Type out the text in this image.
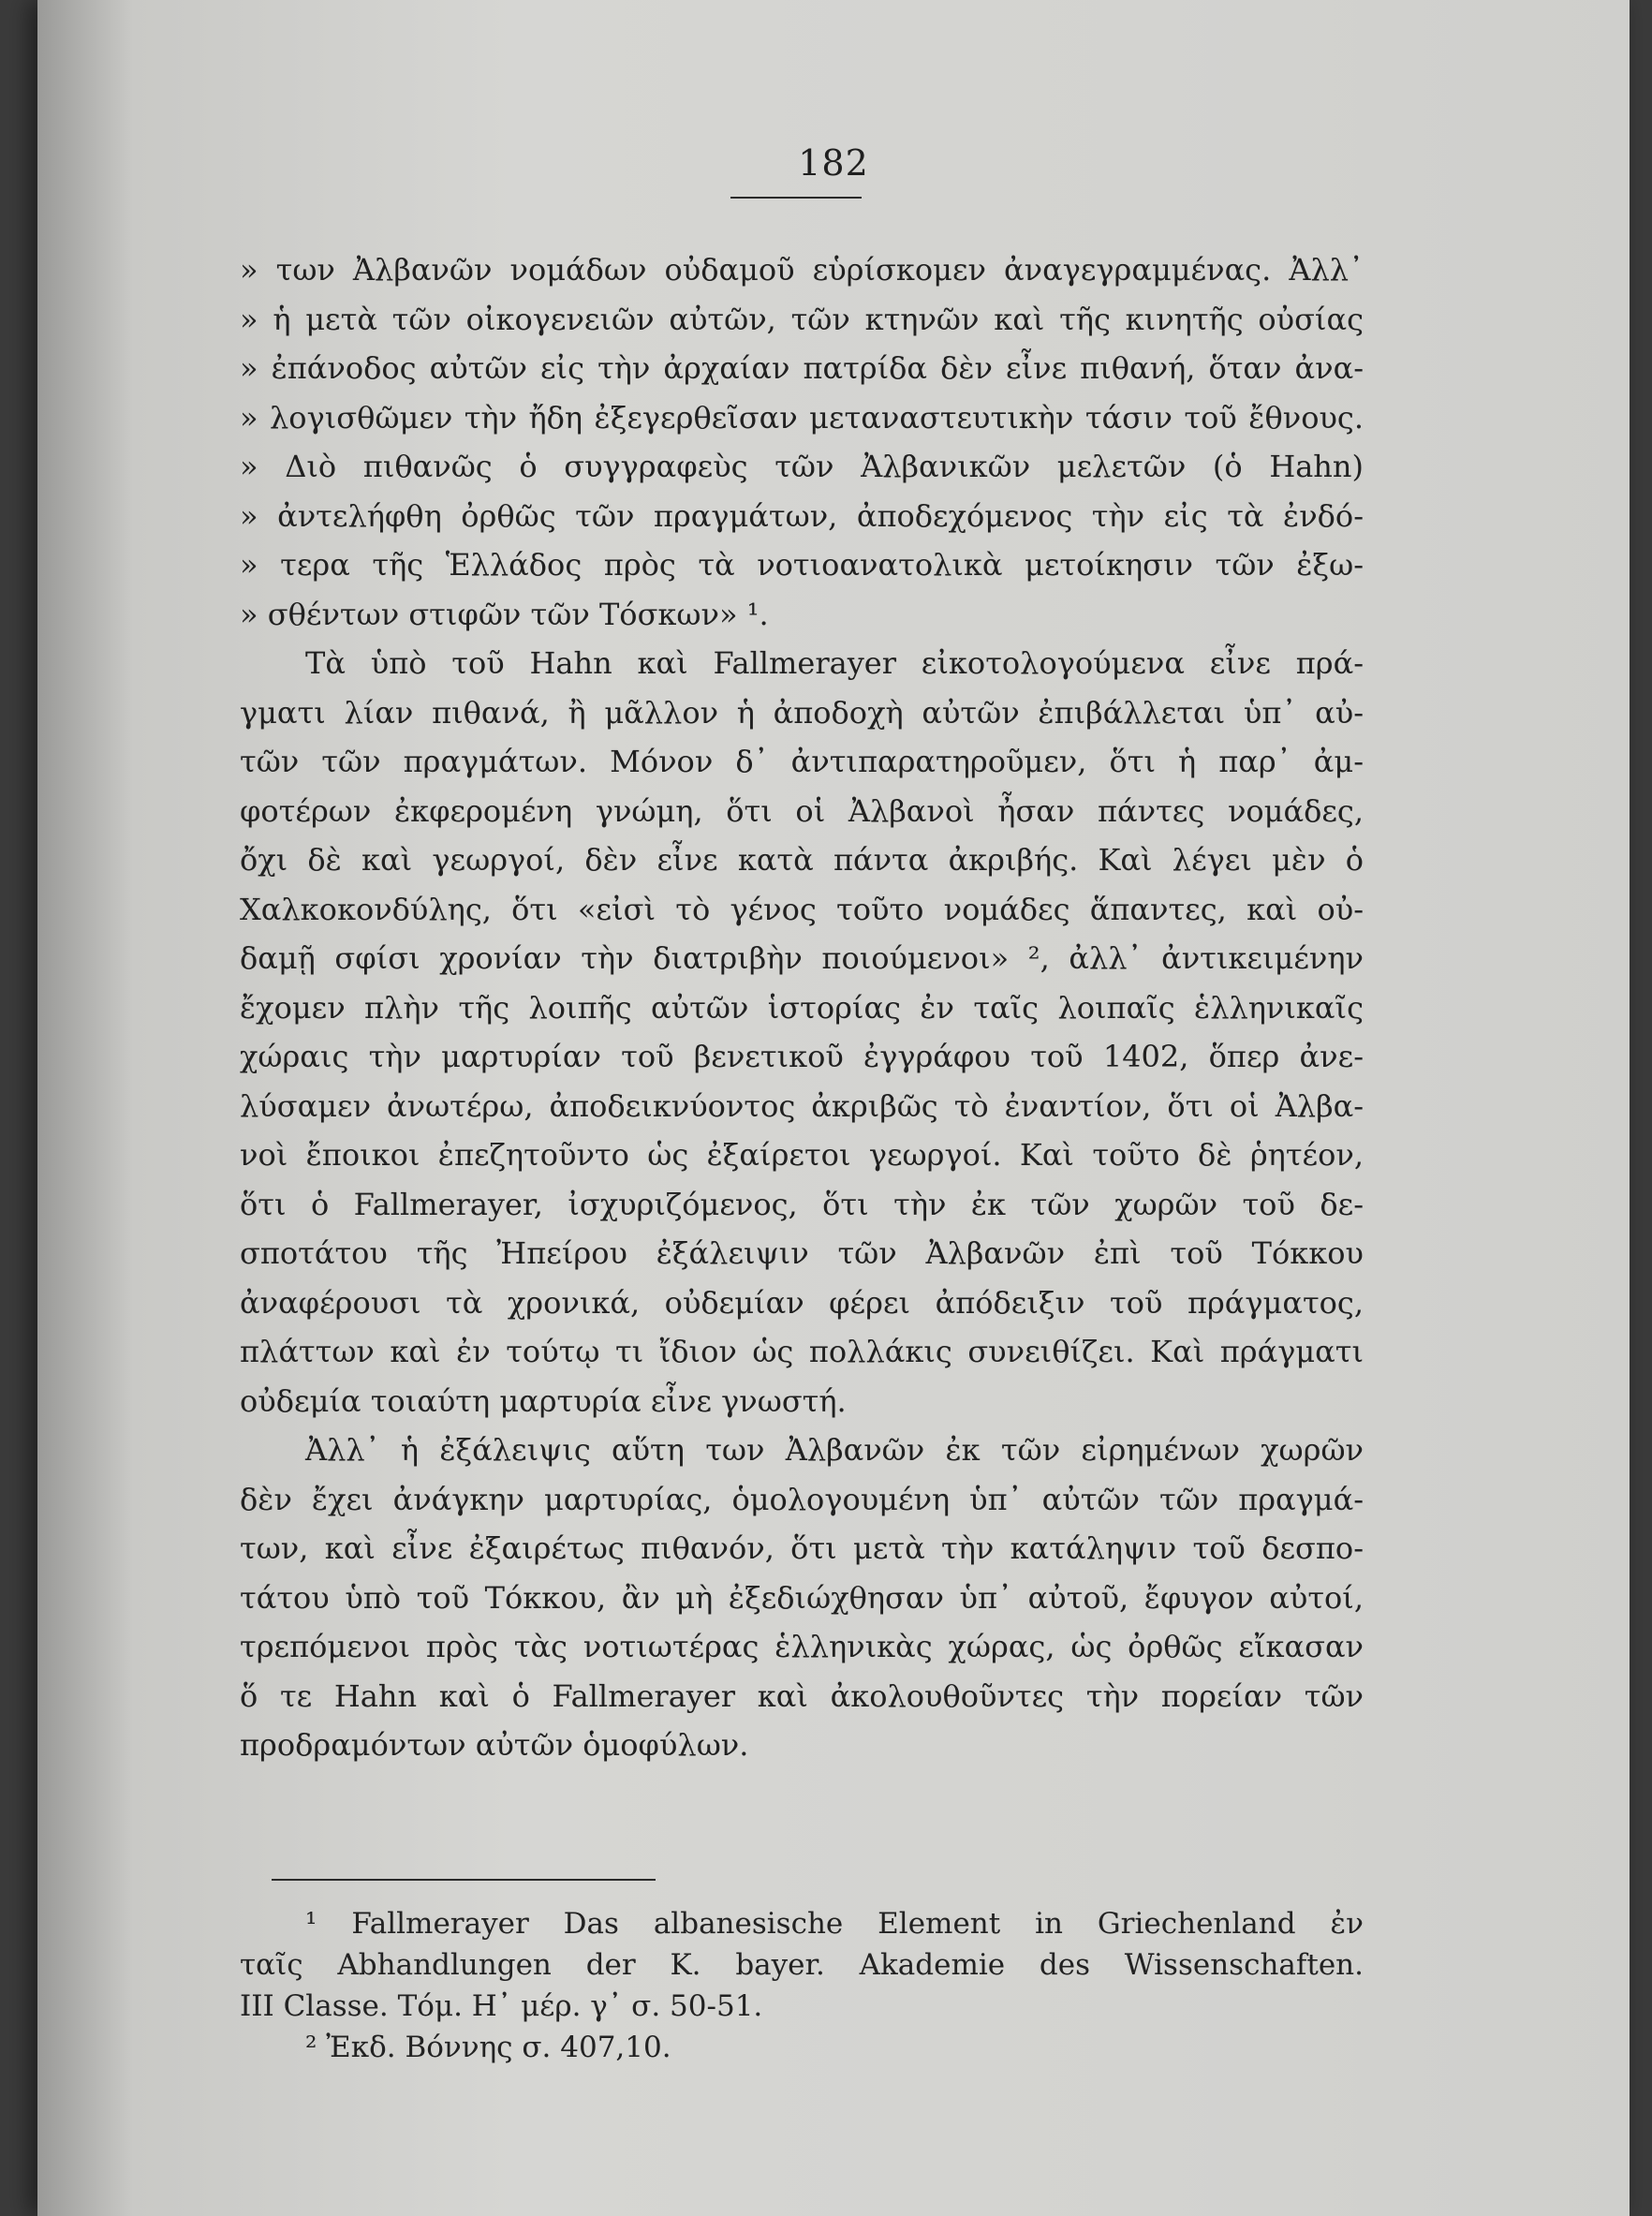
182
» των Ἀλβανῶν νομάδων οὐδαμοῦ εὑρίσκομεν ἀναγεγραμμένας. Ἀλλ᾽
» ἡ μετὰ τῶν οἰκογενειῶν αὐτῶν, τῶν κτηνῶν καὶ τῆς κινητῆς οὐσίας
» ἐπάνοδος αὐτῶν εἰς τὴν ἀρχαίαν πατρίδα δὲν εἶνε πιθανή, ὅταν ἀνα-
» λογισθῶμεν τὴν ἤδη ἐξεγερθεῖσαν μεταναστευτικὴν τάσιν τοῦ ἔθνους.
» Διὸ πιθανῶς ὁ συγγραφεὺς τῶν Ἀλβανικῶν μελετῶν (ὁ Hahn)
» ἀντελήφθη ὀρθῶς τῶν πραγμάτων, ἀποδεχόμενος τὴν εἰς τὰ ἐνδό-
» τερα τῆς Ἑλλάδος πρὸς τὰ νοτιοανατολικὰ μετοίκησιν τῶν ἐξω-
» σθέντων στιφῶν τῶν Τόσκων» ¹.
Τὰ ὑπὸ τοῦ Hahn καὶ Fallmerayer εἰκοτολογούμενα εἶνε πρά-
γματι λίαν πιθανά, ἢ μᾶλλον ἡ ἀποδοχὴ αὐτῶν ἐπιβάλλεται ὑπ᾽ αὐ-
τῶν τῶν πραγμάτων. Μόνον δ᾽ ἀντιπαρατηροῦμεν, ὅτι ἡ παρ᾽ ἀμ-
φοτέρων ἐκφερομένη γνώμη, ὅτι οἱ Ἀλβανοὶ ἦσαν πάντες νομάδες,
ὄχι δὲ καὶ γεωργοί, δὲν εἶνε κατὰ πάντα ἀκριβής. Καὶ λέγει μὲν ὁ
Χαλκοκονδύλης, ὅτι «εἰσὶ τὸ γένος τοῦτο νομάδες ἅπαντες, καὶ οὐ-
δαμῇ σφίσι χρονίαν τὴν διατριβὴν ποιούμενοι» ², ἀλλ᾽ ἀντικειμένην
ἔχομεν πλὴν τῆς λοιπῆς αὐτῶν ἱστορίας ἐν ταῖς λοιπαῖς ἑλληνικαῖς
χώραις τὴν μαρτυρίαν τοῦ βενετικοῦ ἐγγράφου τοῦ 1402, ὅπερ ἀνε-
λύσαμεν ἀνωτέρω, ἀποδεικνύοντος ἀκριβῶς τὸ ἐναντίον, ὅτι οἱ Ἀλβα-
νοὶ ἔποικοι ἐπεζητοῦντο ὡς ἐξαίρετοι γεωργοί. Καὶ τοῦτο δὲ ῥητέον,
ὅτι ὁ Fallmerayer, ἰσχυριζόμενος, ὅτι τὴν ἐκ τῶν χωρῶν τοῦ δε-
σποτάτου τῆς Ἠπείρου ἐξάλειψιν τῶν Ἀλβανῶν ἐπὶ τοῦ Τόκκου
ἀναφέρουσι τὰ χρονικά, οὐδεμίαν φέρει ἀπόδειξιν τοῦ πράγματος,
πλάττων καὶ ἐν τούτῳ τι ἴδιον ὡς πολλάκις συνειθίζει. Καὶ πράγματι
οὐδεμία τοιαύτη μαρτυρία εἶνε γνωστή.
Ἀλλ᾽ ἡ ἐξάλειψις αὕτη των Ἀλβανῶν ἐκ τῶν εἰρημένων χωρῶν
δὲν ἔχει ἀνάγκην μαρτυρίας, ὁμολογουμένη ὑπ᾽ αὐτῶν τῶν πραγμά-
των, καὶ εἶνε ἐξαιρέτως πιθανόν, ὅτι μετὰ τὴν κατάληψιν τοῦ δεσπο-
τάτου ὑπὸ τοῦ Τόκκου, ἂν μὴ ἐξεδιώχθησαν ὑπ᾽ αὐτοῦ, ἔφυγον αὐτοί,
τρεπόμενοι πρὸς τὰς νοτιωτέρας ἑλληνικὰς χώρας, ὡς ὀρθῶς εἴκασαν
ὅ τε Hahn καὶ ὁ Fallmerayer καὶ ἀκολουθοῦντες τὴν πορείαν τῶν
προδραμόντων αὐτῶν ὁμοφύλων.
¹ Fallmerayer Das albanesische Element in Griechenland ἐν
ταῖς Abhandlungen der K. bayer. Akademie des Wissenschaften.
III Classe. Τόμ. Η᾽ μέρ. γ᾽ σ. 50-51.
² Ἐκδ. Βόννης σ. 407,10.
